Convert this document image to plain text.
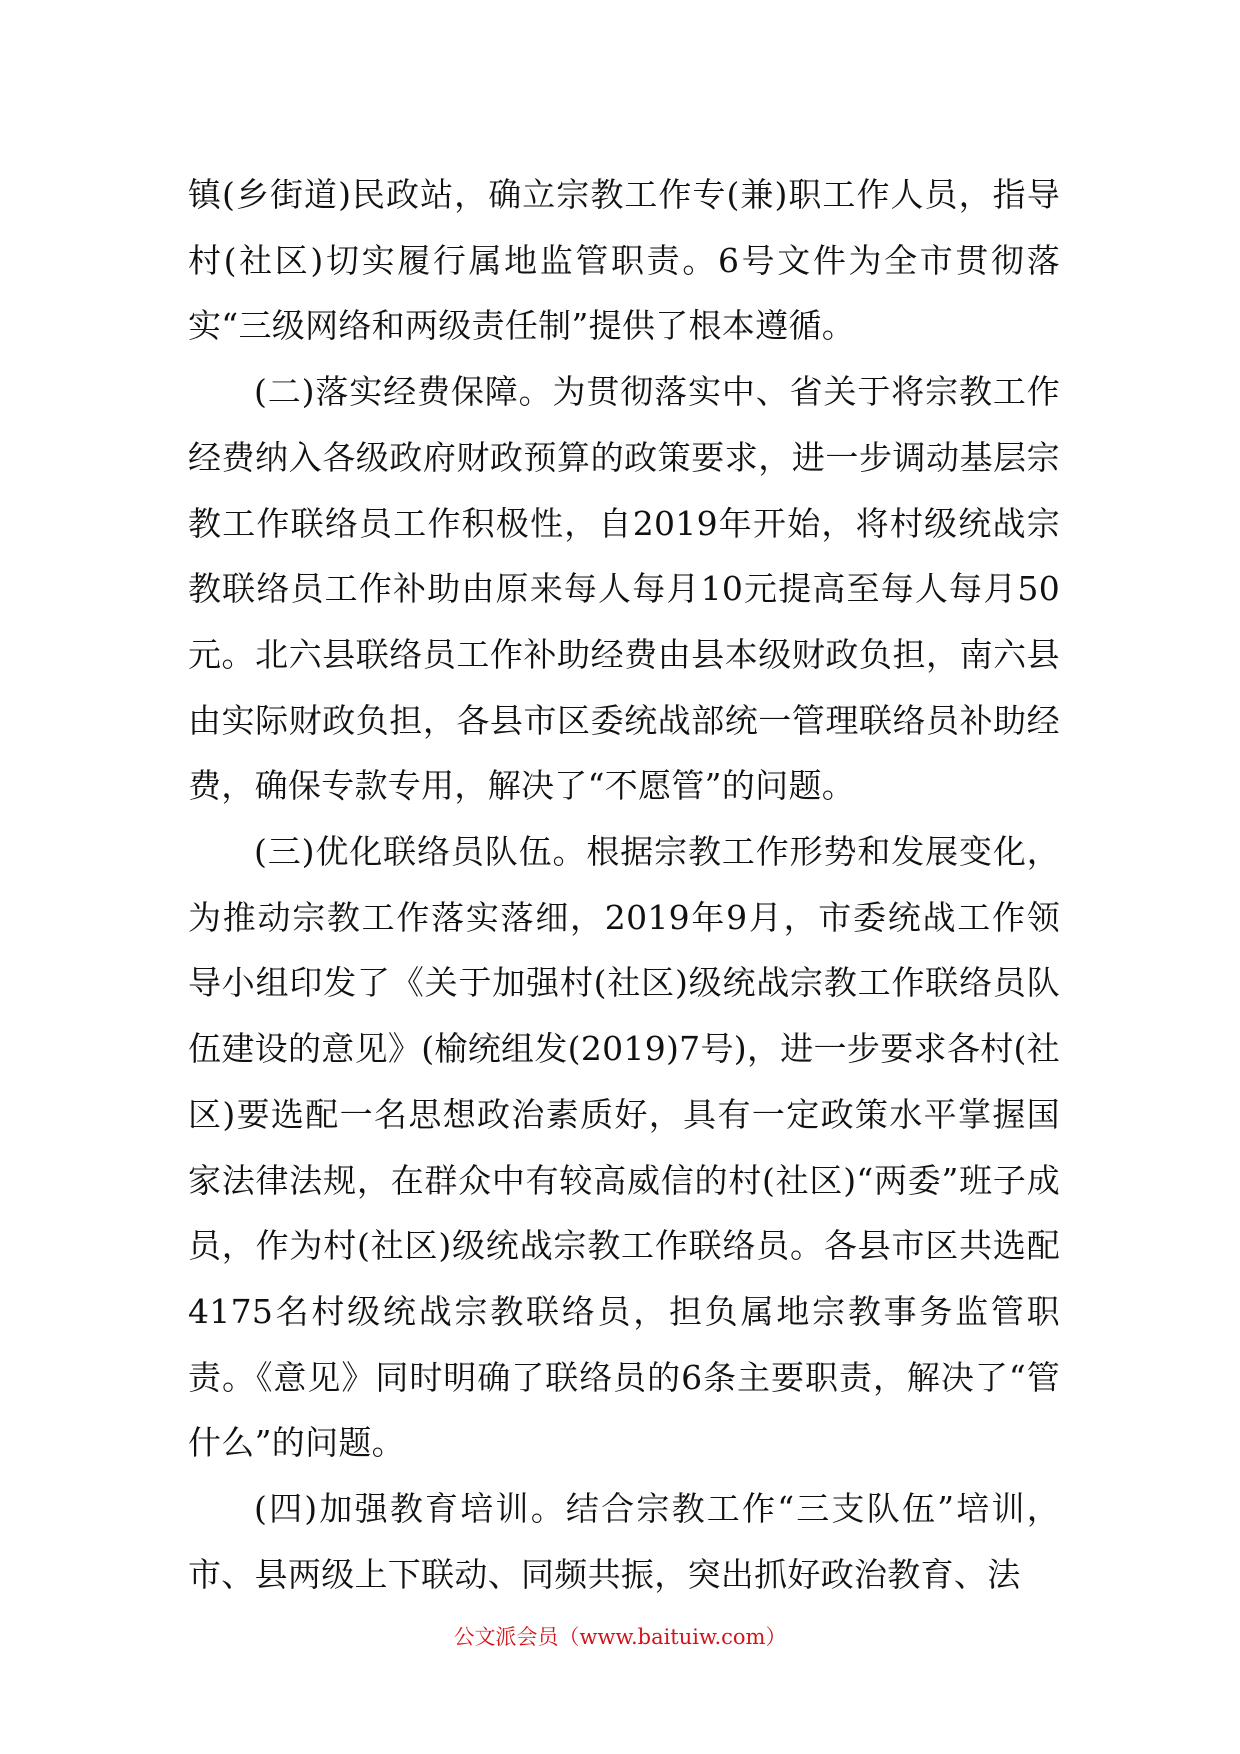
镇(乡街道)民政站，确立宗教工作专(兼)职工作人员，指导村(社区)切实履行属地监管职责。6号文件为全市贯彻落实“三级网络和两级责任制”提供了根本遵循。

(二)落实经费保障。为贯彻落实中、省关于将宗教工作经费纳入各级政府财政预算的政策要求，进一步调动基层宗教工作联络员工作积极性，自2019年开始，将村级统战宗教联络员工作补助由原来每人每月10元提高至每人每月50元。北六县联络员工作补助经费由县本级财政负担，南六县由实际财政负担，各县市区委统战部统一管理联络员补助经费，确保专款专用，解决了“不愿管”的问题。

(三)优化联络员队伍。根据宗教工作形势和发展变化，为推动宗教工作落实落细，2019年9月，市委统战工作领导小组印发了《关于加强村(社区)级统战宗教工作联络员队伍建设的意见》(榆统组发(2019)7号)，进一步要求各村(社区)要选配一名思想政治素质好，具有一定政策水平掌握国家法律法规，在群众中有较高威信的村(社区)“两委”班子成员，作为村(社区)级统战宗教工作联络员。各县市区共选配4175名村级统战宗教联络员，担负属地宗教事务监管职责。《意见》同时明确了联络员的6条主要职责，解决了“管什么”的问题。

(四)加强教育培训。结合宗教工作“三支队伍”培训，市、县两级上下联动、同频共振，突出抓好政治教育、法

公文派会员（www.baituiw.com）
